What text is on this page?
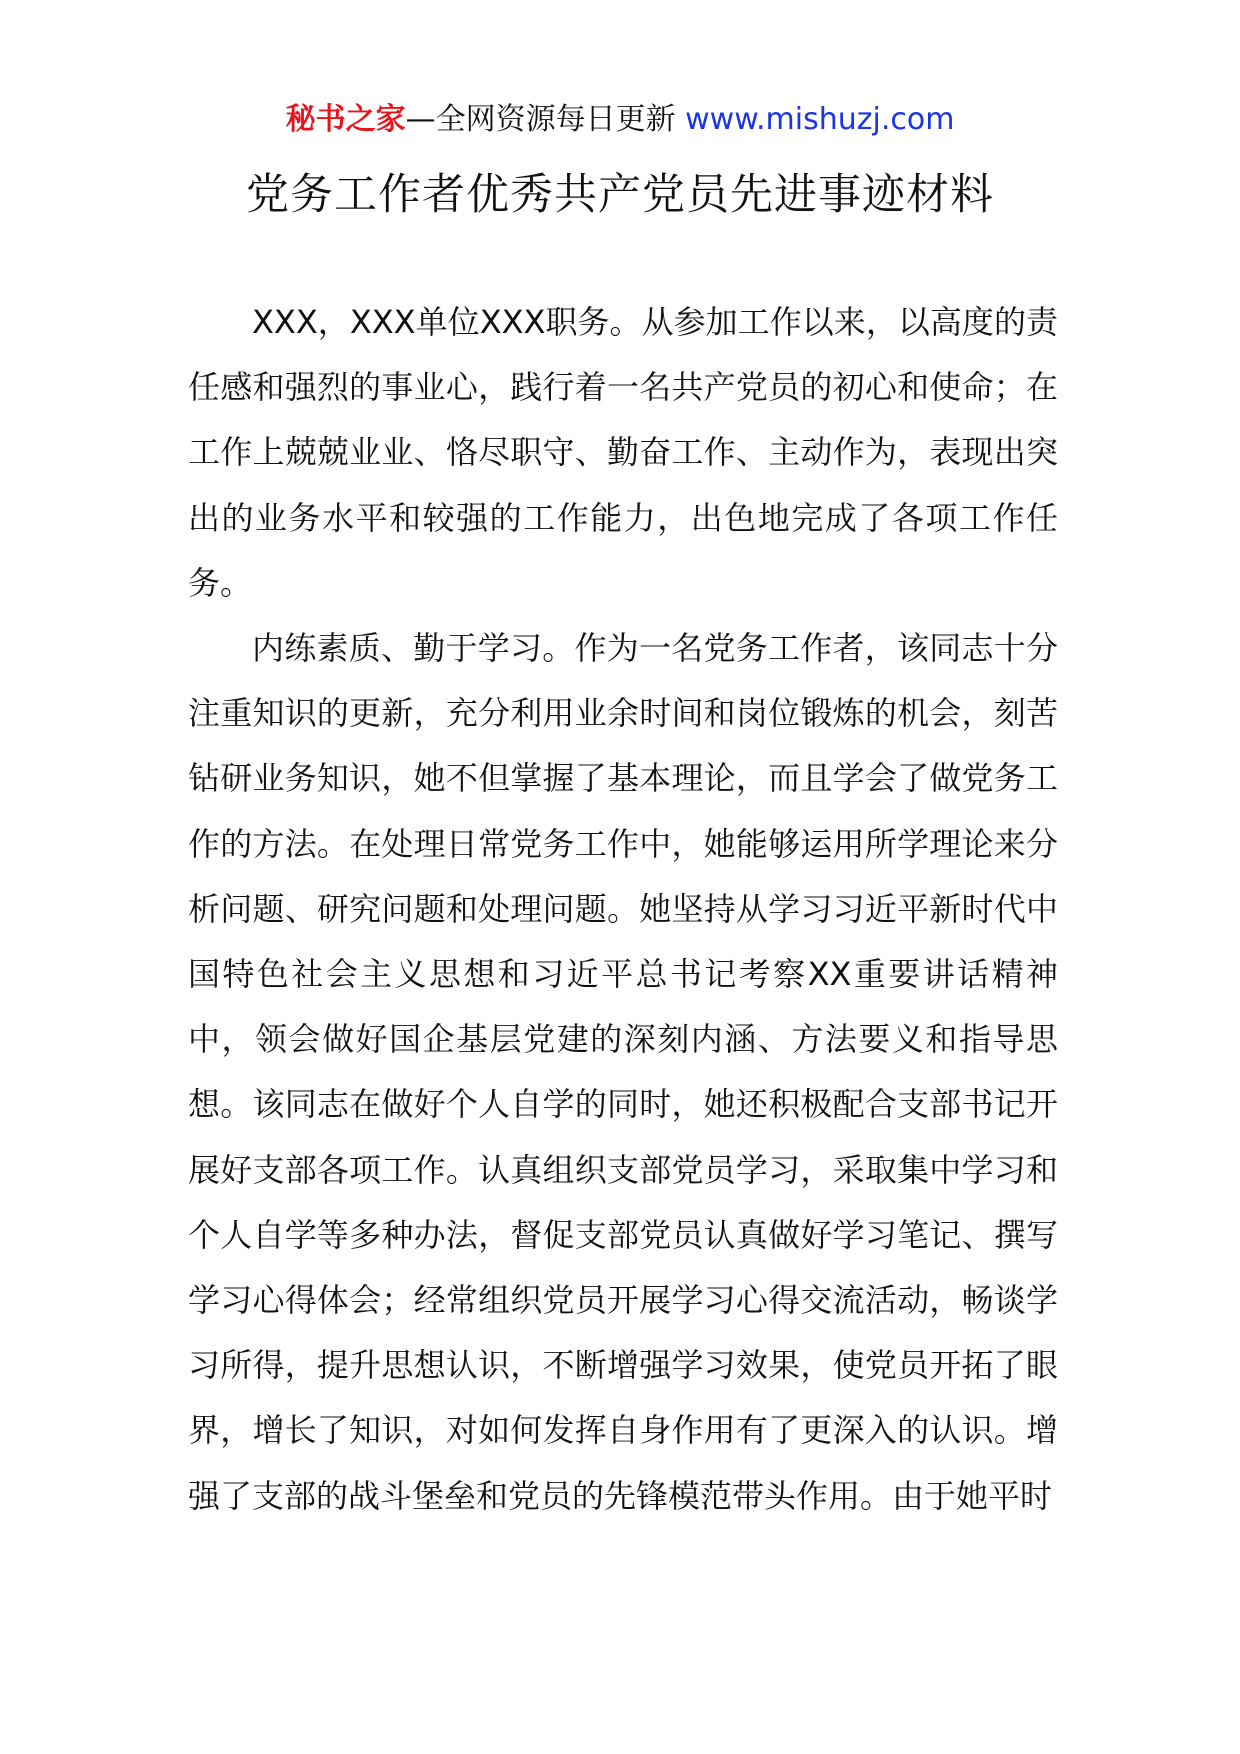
秘书之家—全网资源每日更新 www.mishuzj.com
党务工作者优秀共产党员先进事迹材料

XXX，XXX单位XXX职务。从参加工作以来，以高度的责任感和强烈的事业心，践行着一名共产党员的初心和使命；在工作上兢兢业业、恪尽职守、勤奋工作、主动作为，表现出突出的业务水平和较强的工作能力，出色地完成了各项工作任务。

内练素质、勤于学习。作为一名党务工作者，该同志十分注重知识的更新，充分利用业余时间和岗位锻炼的机会，刻苦钻研业务知识，她不但掌握了基本理论，而且学会了做党务工作的方法。在处理日常党务工作中，她能够运用所学理论来分析问题、研究问题和处理问题。她坚持从学习习近平新时代中国特色社会主义思想和习近平总书记考察XX重要讲话精神中，领会做好国企基层党建的深刻内涵、方法要义和指导思想。该同志在做好个人自学的同时，她还积极配合支部书记开展好支部各项工作。认真组织支部党员学习，采取集中学习和个人自学等多种办法，督促支部党员认真做好学习笔记、撰写学习心得体会；经常组织党员开展学习心得交流活动，畅谈学习所得，提升思想认识，不断增强学习效果，使党员开拓了眼界，增长了知识，对如何发挥自身作用有了更深入的认识。增强了支部的战斗堡垒和党员的先锋模范带头作用。由于她平时
